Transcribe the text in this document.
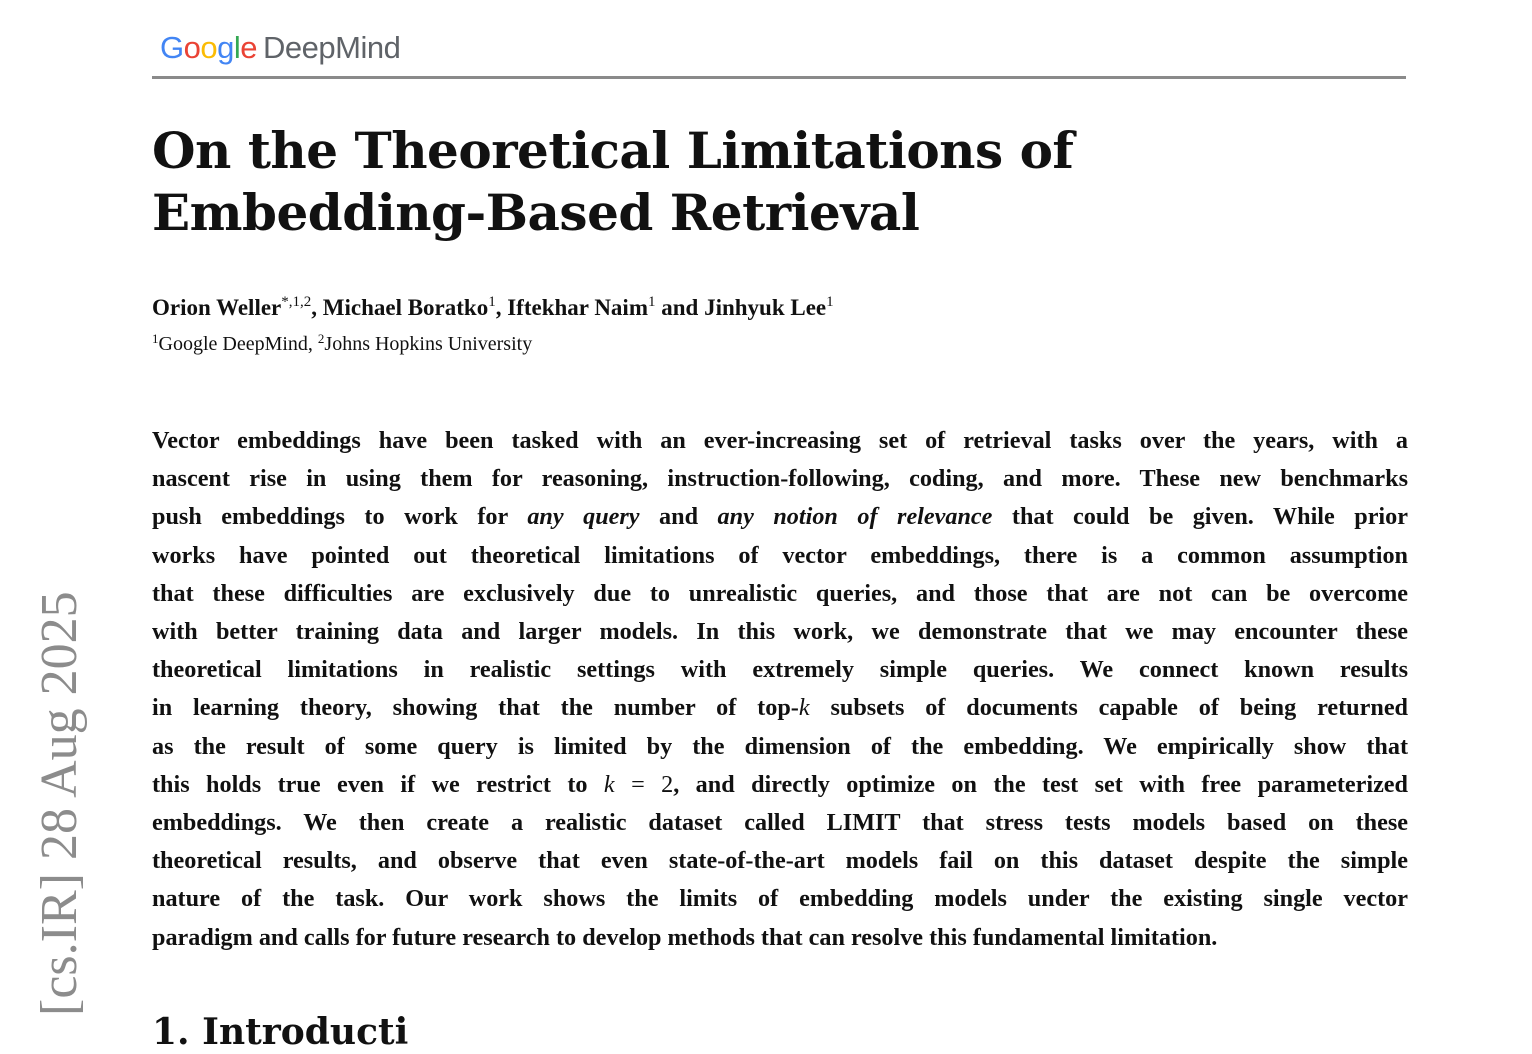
Google DeepMind
On the Theoretical Limitations of
Embedding-Based Retrieval
Orion Weller$^{*,1,2}$, Michael Boratko$^1$, Iftekhar Naim$^1$ and Jinhyuk Lee$^1$
$^1$Google DeepMind, $^2$Johns Hopkins University
Vector embeddings have been tasked with an ever-increasing set of retrieval tasks over the years, with a
nascent rise in using them for reasoning, instruction-following, coding, and more. These new benchmarks
push embeddings to work for any query and any notion of relevance that could be given. While prior
works have pointed out theoretical limitations of vector embeddings, there is a common assumption
that these difficulties are exclusively due to unrealistic queries, and those that are not can be overcome
with better training data and larger models. In this work, we demonstrate that we may encounter these
theoretical limitations in realistic settings with extremely simple queries. We connect known results
in learning theory, showing that the number of top-k subsets of documents capable of being returned
as the result of some query is limited by the dimension of the embedding. We empirically show that
this holds true even if we restrict to k = 2, and directly optimize on the test set with free parameterized
embeddings. We then create a realistic dataset called LIMIT that stress tests models based on these
theoretical results, and observe that even state-of-the-art models fail on this dataset despite the simple
nature of the task. Our work shows the limits of embedding models under the existing single vector
paradigm and calls for future research to develop methods that can resolve this fundamental limitation.
[cs.IR] 28 Aug 2025
1. Introducti
